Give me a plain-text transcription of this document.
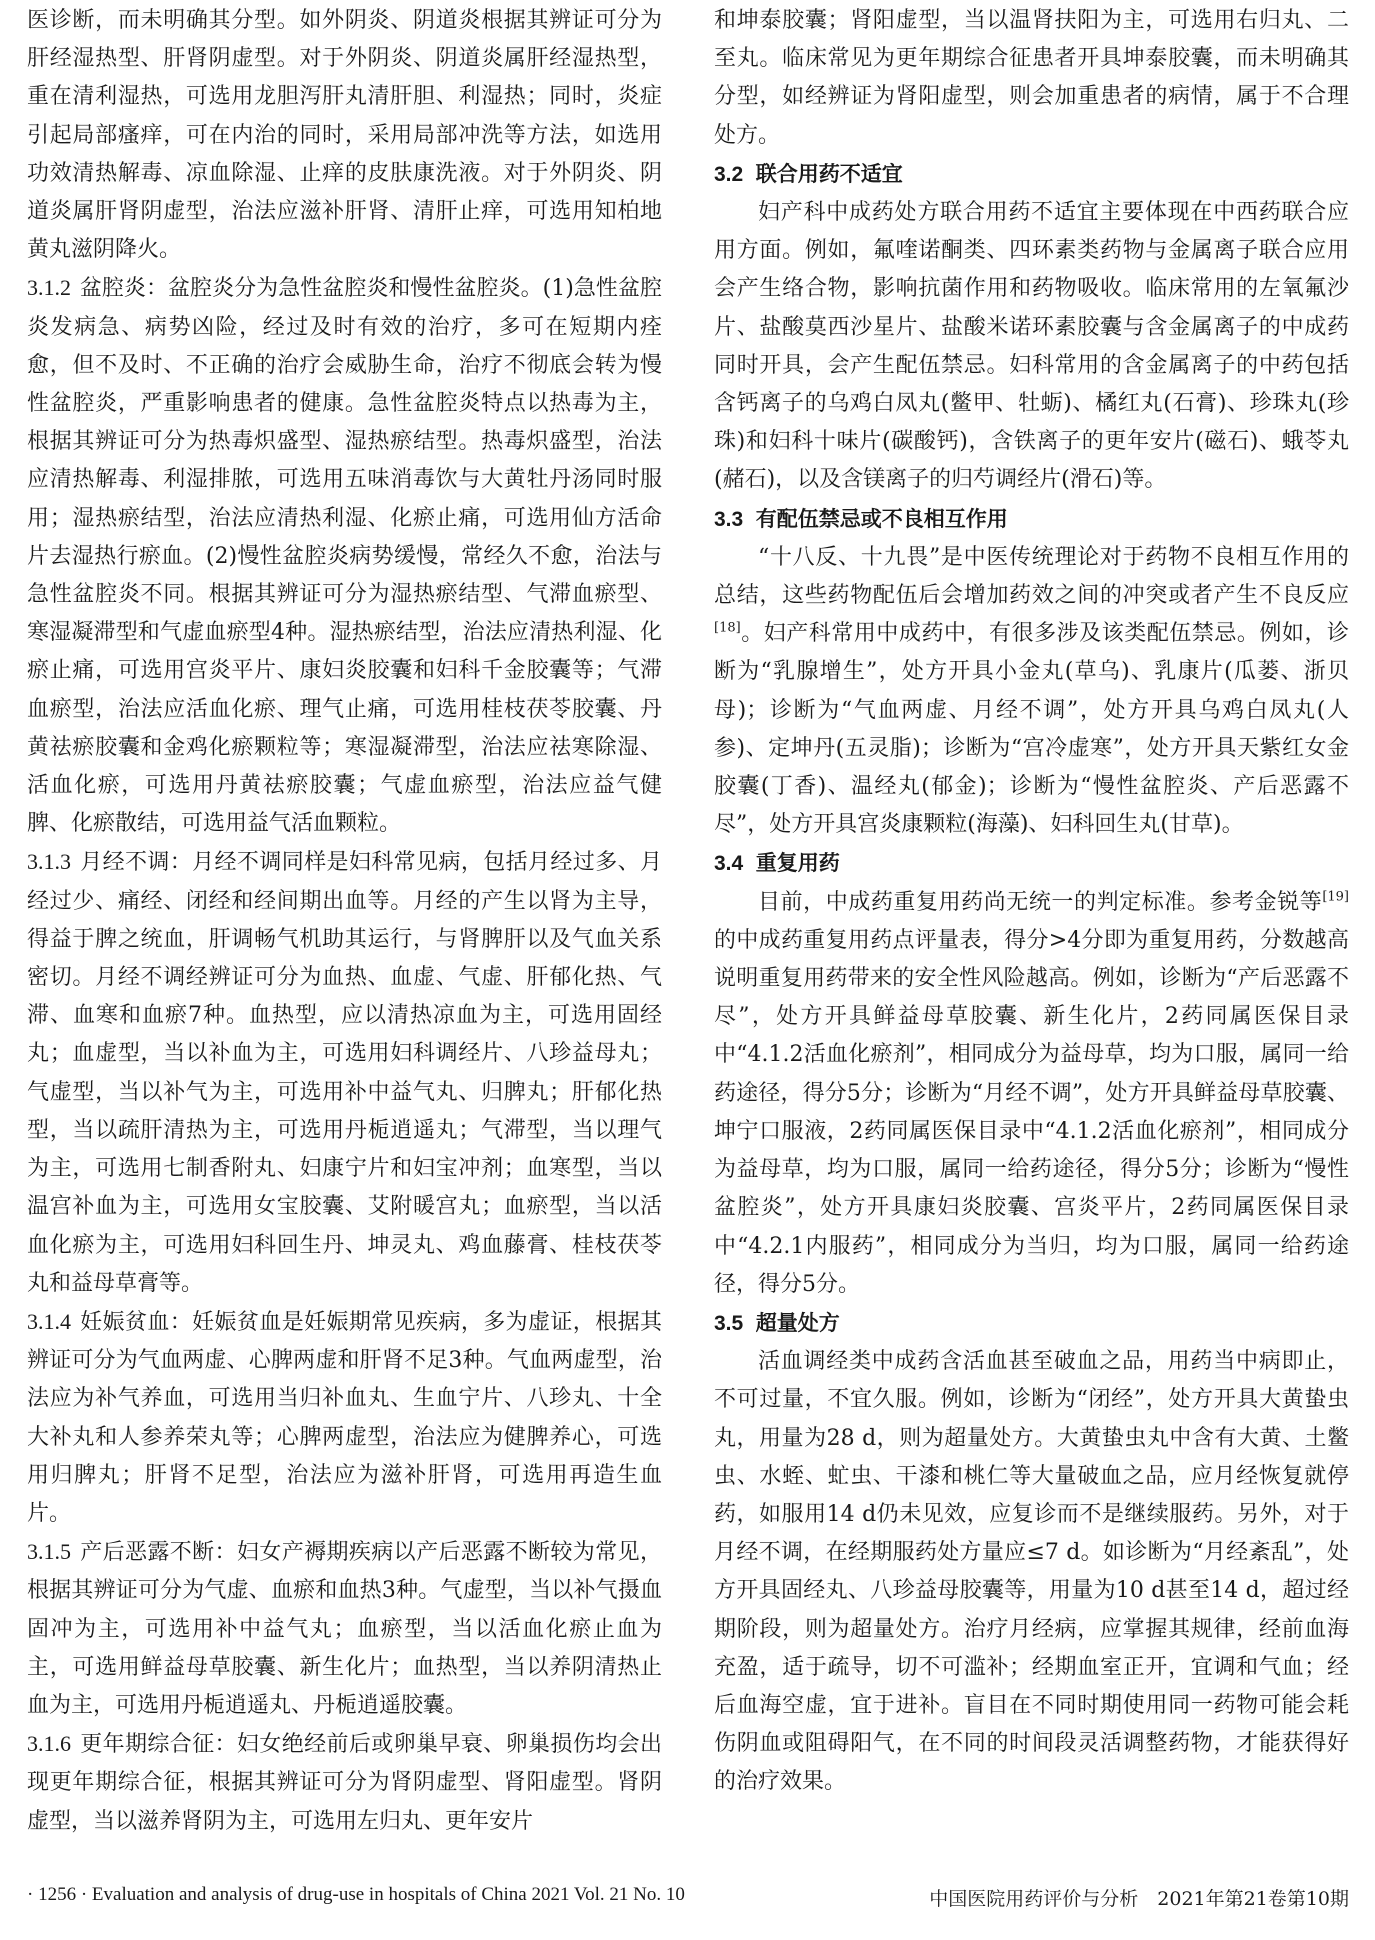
医诊断，而未明确其分型。如外阴炎、阴道炎根据其辨证可分为肝经湿热型、肝肾阴虚型。对于外阴炎、阴道炎属肝经湿热型，重在清利湿热，可选用龙胆泻肝丸清肝胆、利湿热；同时，炎症引起局部瘙痒，可在内治的同时，采用局部冲洗等方法，如选用功效清热解毒、凉血除湿、止痒的皮肤康洗液。对于外阴炎、阴道炎属肝肾阴虚型，治法应滋补肝肾、清肝止痒，可选用知柏地黄丸滋阴降火。

3.1.2 盆腔炎：盆腔炎分为急性盆腔炎和慢性盆腔炎。(1)急性盆腔炎发病急、病势凶险，经过及时有效的治疗，多可在短期内痊愈，但不及时、不正确的治疗会威胁生命，治疗不彻底会转为慢性盆腔炎，严重影响患者的健康。急性盆腔炎特点以热毒为主，根据其辨证可分为热毒炽盛型、湿热瘀结型。热毒炽盛型，治法应清热解毒、利湿排脓，可选用五味消毒饮与大黄牡丹汤同时服用；湿热瘀结型，治法应清热利湿、化瘀止痛，可选用仙方活命片去湿热行瘀血。(2)慢性盆腔炎病势缓慢，常经久不愈，治法与急性盆腔炎不同。根据其辨证可分为湿热瘀结型、气滞血瘀型、寒湿凝滞型和气虚血瘀型4种。湿热瘀结型，治法应清热利湿、化瘀止痛，可选用宫炎平片、康妇炎胶囊和妇科千金胶囊等；气滞血瘀型，治法应活血化瘀、理气止痛，可选用桂枝茯苓胶囊、丹黄祛瘀胶囊和金鸡化瘀颗粒等；寒湿凝滞型，治法应祛寒除湿、活血化瘀，可选用丹黄祛瘀胶囊；气虚血瘀型，治法应益气健脾、化瘀散结，可选用益气活血颗粒。

3.1.3 月经不调：月经不调同样是妇科常见病，包括月经过多、月经过少、痛经、闭经和经间期出血等。月经的产生以肾为主导，得益于脾之统血，肝调畅气机助其运行，与肾脾肝以及气血关系密切。月经不调经辨证可分为血热、血虚、气虚、肝郁化热、气滞、血寒和血瘀7种。血热型，应以清热凉血为主，可选用固经丸；血虚型，当以补血为主，可选用妇科调经片、八珍益母丸；气虚型，当以补气为主，可选用补中益气丸、归脾丸；肝郁化热型，当以疏肝清热为主，可选用丹栀逍遥丸；气滞型，当以理气为主，可选用七制香附丸、妇康宁片和妇宝冲剂；血寒型，当以温宫补血为主，可选用女宝胶囊、艾附暖宫丸；血瘀型，当以活血化瘀为主，可选用妇科回生丹、坤灵丸、鸡血藤膏、桂枝茯苓丸和益母草膏等。

3.1.4 妊娠贫血：妊娠贫血是妊娠期常见疾病，多为虚证，根据其辨证可分为气血两虚、心脾两虚和肝肾不足3种。气血两虚型，治法应为补气养血，可选用当归补血丸、生血宁片、八珍丸、十全大补丸和人参养荣丸等；心脾两虚型，治法应为健脾养心，可选用归脾丸；肝肾不足型，治法应为滋补肝肾，可选用再造生血片。

3.1.5 产后恶露不断：妇女产褥期疾病以产后恶露不断较为常见，根据其辨证可分为气虚、血瘀和血热3种。气虚型，当以补气摄血固冲为主，可选用补中益气丸；血瘀型，当以活血化瘀止血为主，可选用鲜益母草胶囊、新生化片；血热型，当以养阴清热止血为主，可选用丹栀逍遥丸、丹栀逍遥胶囊。

3.1.6 更年期综合征：妇女绝经前后或卵巢早衰、卵巢损伤均会出现更年期综合征，根据其辨证可分为肾阴虚型、肾阳虚型。肾阴虚型，当以滋养肾阴为主，可选用左归丸、更年安片

和坤泰胶囊；肾阳虚型，当以温肾扶阳为主，可选用右归丸、二至丸。临床常见为更年期综合征患者开具坤泰胶囊，而未明确其分型，如经辨证为肾阳虚型，则会加重患者的病情，属于不合理处方。

3.2 联合用药不适宜

妇产科中成药处方联合用药不适宜主要体现在中西药联合应用方面。例如，氟喹诺酮类、四环素类药物与金属离子联合应用会产生络合物，影响抗菌作用和药物吸收。临床常用的左氧氟沙片、盐酸莫西沙星片、盐酸米诺环素胶囊与含金属离子的中成药同时开具，会产生配伍禁忌。妇科常用的含金属离子的中药包括含钙离子的乌鸡白凤丸(鳖甲、牡蛎)、橘红丸(石膏)、珍珠丸(珍珠)和妇科十味片(碳酸钙)，含铁离子的更年安片(磁石)、蛾苓丸(赭石)，以及含镁离子的归芍调经片(滑石)等。

3.3 有配伍禁忌或不良相互作用

“十八反、十九畏”是中医传统理论对于药物不良相互作用的总结，这些药物配伍后会增加药效之间的冲突或者产生不良反应[18]。妇产科常用中成药中，有很多涉及该类配伍禁忌。例如，诊断为“乳腺增生”，处方开具小金丸(草乌)、乳康片(瓜蒌、浙贝母)；诊断为“气血两虚、月经不调”，处方开具乌鸡白凤丸(人参)、定坤丹(五灵脂)；诊断为“宫冷虚寒”，处方开具天紫红女金胶囊(丁香)、温经丸(郁金)；诊断为“慢性盆腔炎、产后恶露不尽”，处方开具宫炎康颗粒(海藻)、妇科回生丸(甘草)。

3.4 重复用药

目前，中成药重复用药尚无统一的判定标准。参考金锐等[19]的中成药重复用药点评量表，得分>4分即为重复用药，分数越高说明重复用药带来的安全性风险越高。例如，诊断为“产后恶露不尽”，处方开具鲜益母草胶囊、新生化片，2药同属医保目录中“4.1.2活血化瘀剂”，相同成分为益母草，均为口服，属同一给药途径，得分5分；诊断为“月经不调”，处方开具鲜益母草胶囊、坤宁口服液，2药同属医保目录中“4.1.2活血化瘀剂”，相同成分为益母草，均为口服，属同一给药途径，得分5分；诊断为“慢性盆腔炎”，处方开具康妇炎胶囊、宫炎平片，2药同属医保目录中“4.2.1内服药”，相同成分为当归，均为口服，属同一给药途径，得分5分。

3.5 超量处方

活血调经类中成药含活血甚至破血之品，用药当中病即止，不可过量，不宜久服。例如，诊断为“闭经”，处方开具大黄蛰虫丸，用量为28 d，则为超量处方。大黄蛰虫丸中含有大黄、土鳖虫、水蛭、虻虫、干漆和桃仁等大量破血之品，应月经恢复就停药，如服用14 d仍未见效，应复诊而不是继续服药。另外，对于月经不调，在经期服药处方量应≤7 d。如诊断为“月经紊乱”，处方开具固经丸、八珍益母胶囊等，用量为10 d甚至14 d，超过经期阶段，则为超量处方。治疗月经病，应掌握其规律，经前血海充盈，适于疏导，切不可滥补；经期血室正开，宜调和气血；经后血海空虚，宜于进补。盲目在不同时期使用同一药物可能会耗伤阴血或阻碍阳气，在不同的时间段灵活调整药物，才能获得好的治疗效果。

· 1256 · Evaluation and analysis of drug-use in hospitals of China 2021 Vol. 21 No. 10	中国医院用药评价与分析　2021年第21卷第10期
